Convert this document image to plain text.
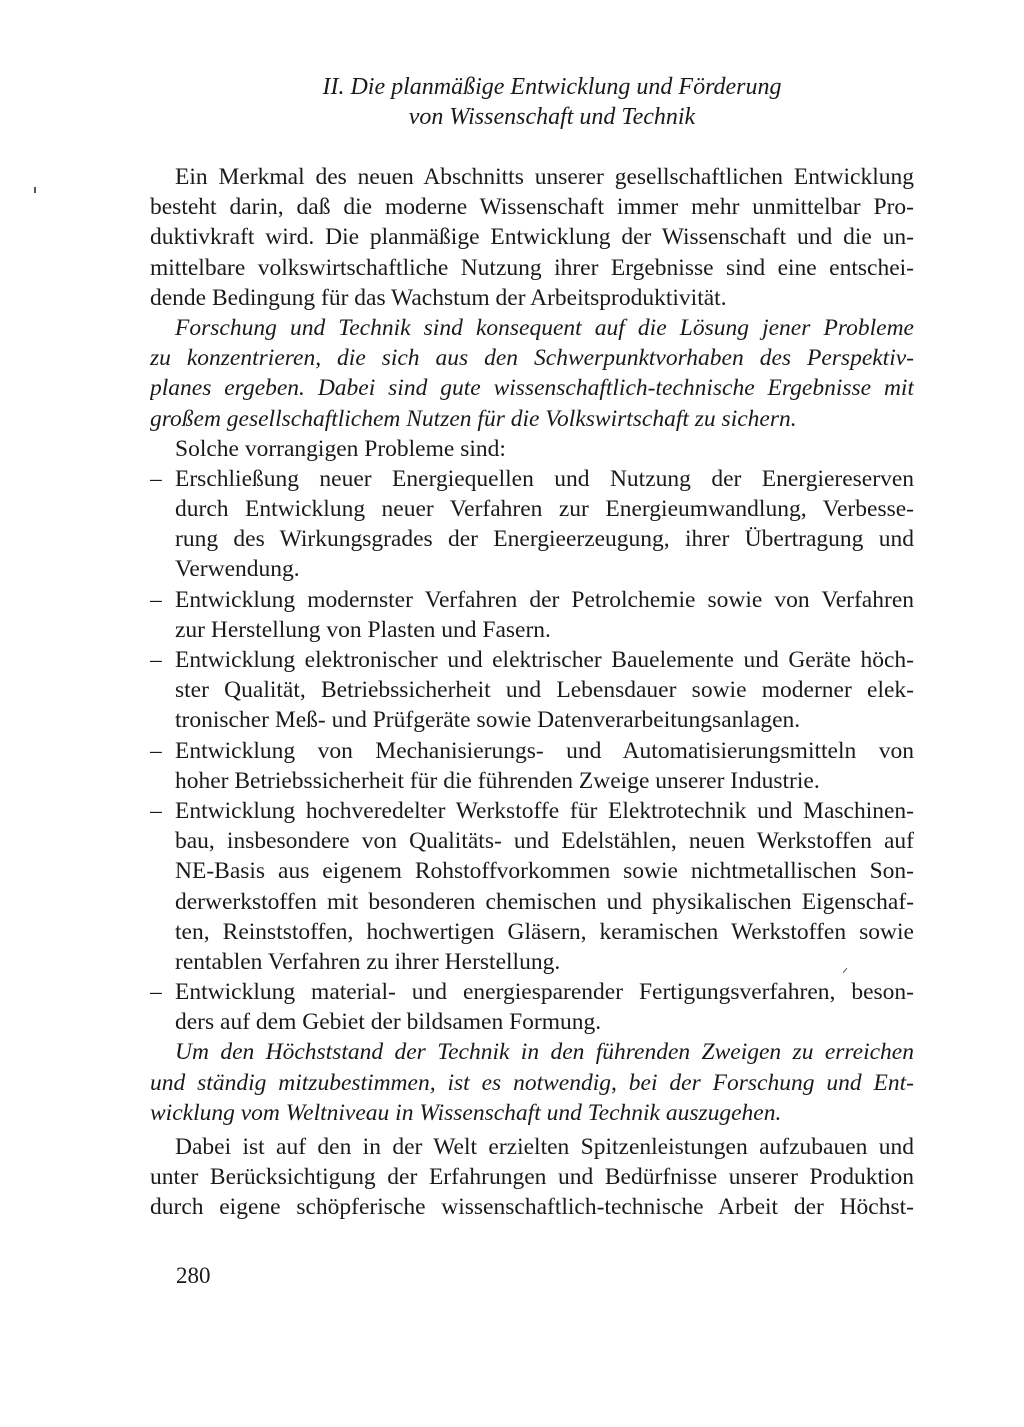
II. Die planmäßige Entwicklung und Förderung
von Wissenschaft und Technik
Ein Merkmal des neuen Abschnitts unserer gesellschaftlichen Entwicklung
besteht darin, daß die moderne Wissenschaft immer mehr unmittelbar Pro-
duktivkraft wird. Die planmäßige Entwicklung der Wissenschaft und die un-
mittelbare volkswirtschaftliche Nutzung ihrer Ergebnisse sind eine entschei-
dende Bedingung für das Wachstum der Arbeitsproduktivität.
Forschung und Technik sind konsequent auf die Lösung jener Probleme
zu konzentrieren, die sich aus den Schwerpunktvorhaben des Perspektiv-
planes ergeben. Dabei sind gute wissenschaftlich-technische Ergebnisse mit
großem gesellschaftlichem Nutzen für die Volkswirtschaft zu sichern.
Solche vorrangigen Probleme sind:
– Erschließung neuer Energiequellen und Nutzung der Energiereserven
durch Entwicklung neuer Verfahren zur Energieumwandlung, Verbesse-
rung des Wirkungsgrades der Energieerzeugung, ihrer Übertragung und
Verwendung.
– Entwicklung modernster Verfahren der Petrolchemie sowie von Verfahren
zur Herstellung von Plasten und Fasern.
– Entwicklung elektronischer und elektrischer Bauelemente und Geräte höch-
ster Qualität, Betriebssicherheit und Lebensdauer sowie moderner elek-
tronischer Meß- und Prüfgeräte sowie Datenverarbeitungsanlagen.
– Entwicklung von Mechanisierungs- und Automatisierungsmitteln von
hoher Betriebssicherheit für die führenden Zweige unserer Industrie.
– Entwicklung hochveredelter Werkstoffe für Elektrotechnik und Maschinen-
bau, insbesondere von Qualitäts- und Edelstählen, neuen Werkstoffen auf
NE-Basis aus eigenem Rohstoffvorkommen sowie nichtmetallischen Son-
derwerkstoffen mit besonderen chemischen und physikalischen Eigenschaf-
ten, Reinststoffen, hochwertigen Gläsern, keramischen Werkstoffen sowie
rentablen Verfahren zu ihrer Herstellung.
– Entwicklung material- und energiesparender Fertigungsverfahren, beson-
ders auf dem Gebiet der bildsamen Formung.
Um den Höchststand der Technik in den führenden Zweigen zu erreichen
und ständig mitzubestimmen, ist es notwendig, bei der Forschung und Ent-
wicklung vom Weltniveau in Wissenschaft und Technik auszugehen.
Dabei ist auf den in der Welt erzielten Spitzenleistungen aufzubauen und
unter Berücksichtigung der Erfahrungen und Bedürfnisse unserer Produktion
durch eigene schöpferische wissenschaftlich-technische Arbeit der Höchst-
280
